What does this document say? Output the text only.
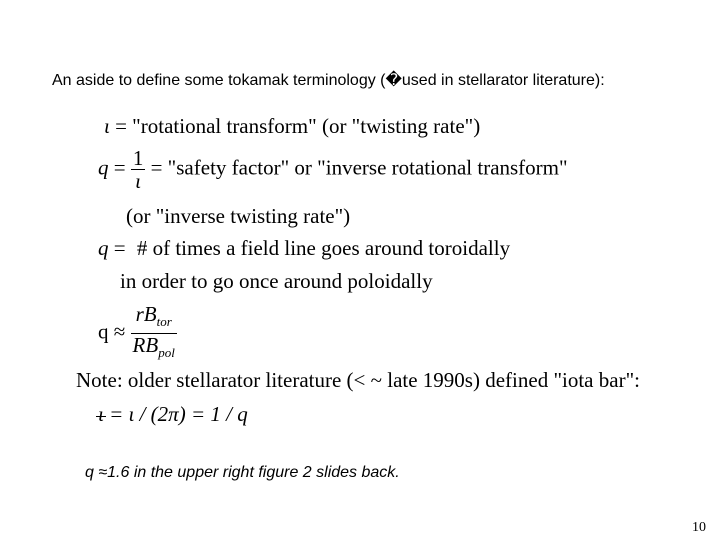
An aside to define some tokamak terminology (�used in stellarator literature):
ι = "rotational transform" (or "twisting rate")
$q = \frac{1}{\iota}$ = "safety factor" or "inverse rotational transform"
(or "inverse twisting rate")
q = # of times a field line goes around toroidally
in order to go once around poloidally
$q \approx \frac{rB_{tor}}{RB_{pol}}$
Note: older stellarator literature (< ~ late 1990s) defined "iota bar":
ι = ι / (2π) = 1 / q
q ≈1.6 in the upper right figure 2 slides back.
10
